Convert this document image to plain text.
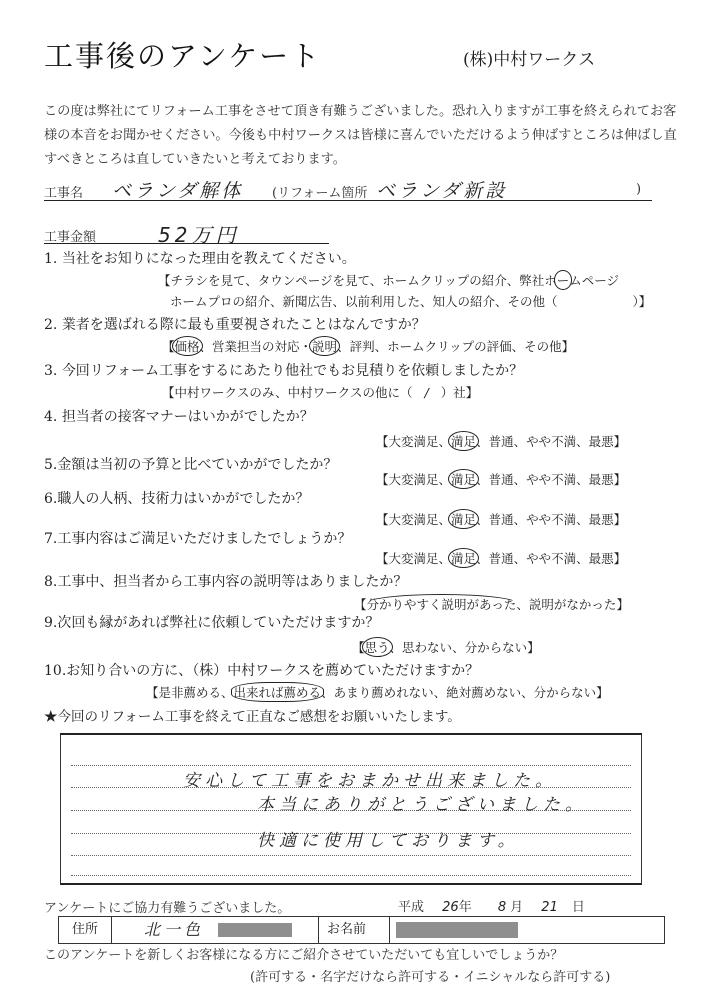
工事後のアンケート	(株)中村ワークス
この度は弊社にてリフォーム工事をさせて頂き有難うございました。恐れ入りますが工事を終えられてお客様の本音をお聞かせください。今後も中村ワークスは皆様に喜んでいただけるよう伸ばすところは伸ばし直すべきところは直していきたいと考えております。
工事名 ベランダ解体 (リフォーム箇所 ベランダ新設	)
工事金額	52万円
1. 当社をお知りになった理由を教えてください。
【チラシを見て、タウンページを見て、ホームクリップの紹介、弊社ホームページ
ホームプロの紹介、新聞広告、以前利用した、知人の紹介、その他（　　　　　　）】
2. 業者を選ばれる際に最も重要視されたことはなんですか？
【価格、営業担当の対応・説明、評判、ホームクリップの評価、その他】
3. 今回リフォーム工事をするにあたり他社でもお見積りを依頼しましたか？
【中村ワークスのみ、中村ワークスの他に（ / ）社】
4. 担当者の接客マナーはいかがでしたか？
【大変満足、満足、普通、やや不満、最悪】
5.金額は当初の予算と比べていかがでしたか？
【大変満足、満足、普通、やや不満、最悪】
6.職人の人柄、技術力はいかがでしたか？
【大変満足、満足、普通、やや不満、最悪】
7.工事内容はご満足いただけましたでしょうか？
【大変満足、満足、普通、やや不満、最悪】
8.工事中、担当者から工事内容の説明等はありましたか？
【分かりやすく説明があった、説明がなかった】
9.次回も縁があれば弊社に依頼していただけますか？
【思う、思わない、分からない】
10.お知り合いの方に、（株）中村ワークスを薦めていただけますか？
【是非薦める、出来れば薦める、あまり薦めれない、絶対薦めない、分からない】
★今回のリフォーム工事を終えて正直なご感想をお願いいたします。
安心して工事をおまかせ出来ました。
本当にありがとうございました。
快適に使用しております。
アンケートにご協力有難うございました。	平成 26年 8 月 21 日
住所	北一色	お名前
このアンケートを新しくお客様になる方にご紹介させていただいても宜しいでしょうか？
(許可する・名字だけなら許可する・イニシャルなら許可する)
